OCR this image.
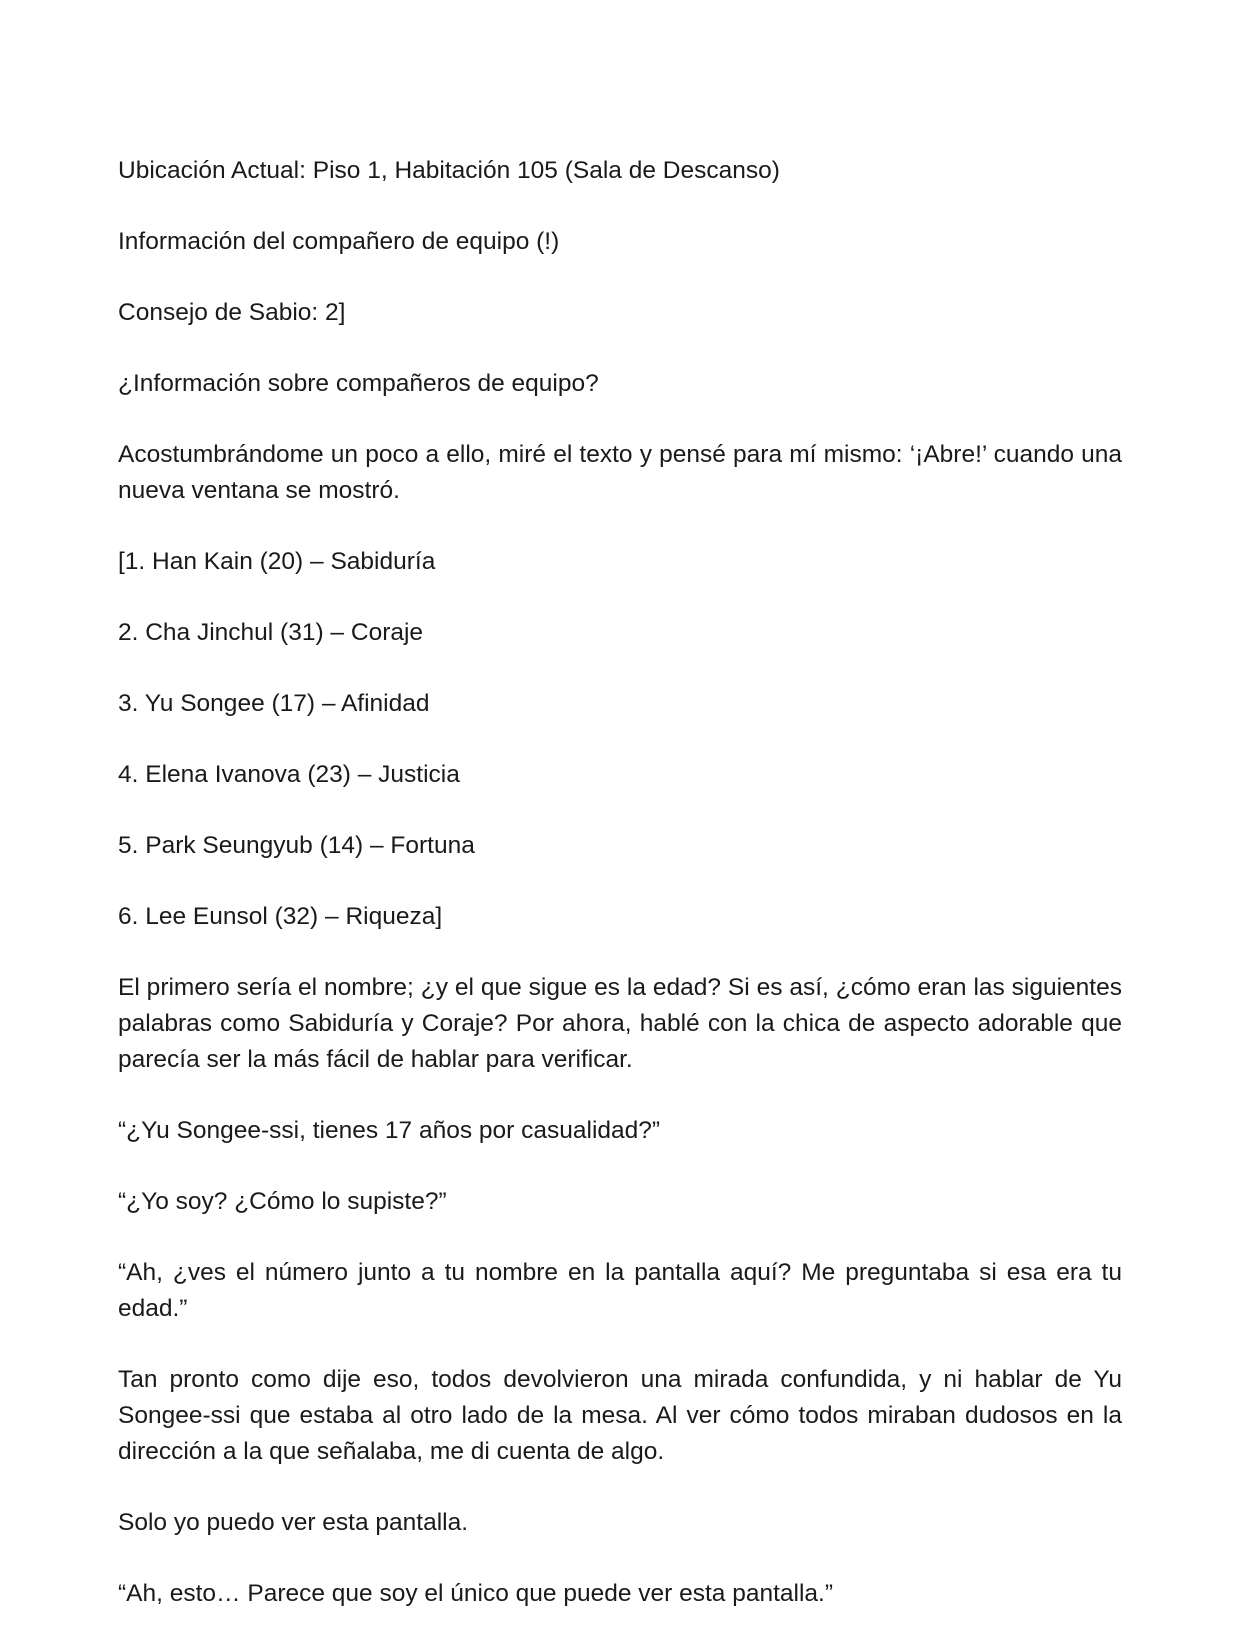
Ubicación Actual: Piso 1, Habitación 105 (Sala de Descanso)

Información del compañero de equipo (!)

Consejo de Sabio: 2]

¿Información sobre compañeros de equipo?

Acostumbrándome un poco a ello, miré el texto y pensé para mí mismo: ‘¡Abre!’ cuando una nueva ventana se mostró.

[1. Han Kain (20) – Sabiduría

2. Cha Jinchul (31) – Coraje

3. Yu Songee (17) – Afinidad

4. Elena Ivanova (23) – Justicia

5. Park Seungyub (14) – Fortuna

6. Lee Eunsol (32) – Riqueza]

El primero sería el nombre; ¿y el que sigue es la edad? Si es así, ¿cómo eran las siguientes palabras como Sabiduría y Coraje? Por ahora, hablé con la chica de aspecto adorable que parecía ser la más fácil de hablar para verificar.

“¿Yu Songee-ssi, tienes 17 años por casualidad?”

“¿Yo soy? ¿Cómo lo supiste?”

“Ah, ¿ves el número junto a tu nombre en la pantalla aquí? Me preguntaba si esa era tu edad.”

Tan pronto como dije eso, todos devolvieron una mirada confundida, y ni hablar de Yu Songee-ssi que estaba al otro lado de la mesa. Al ver cómo todos miraban dudosos en la dirección a la que señalaba, me di cuenta de algo.

Solo yo puedo ver esta pantalla.

“Ah, esto… Parece que soy el único que puede ver esta pantalla.”
